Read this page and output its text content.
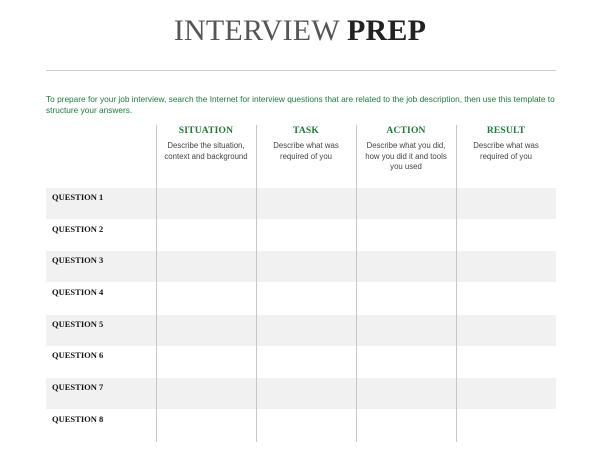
INTERVIEW PREP
To prepare for your job interview, search the Internet for interview questions that are related to the job description, then use this template to structure your answers.
QUESTION 1
QUESTION 2
QUESTION 3
QUESTION 4
QUESTION 5
QUESTION 6
QUESTION 7
QUESTION 8
SITUATION
Describe the situation, context and background
TASK
Describe what was required of you
ACTION
Describe what you did, how you did it and tools you used
RESULT
Describe what was required of you
